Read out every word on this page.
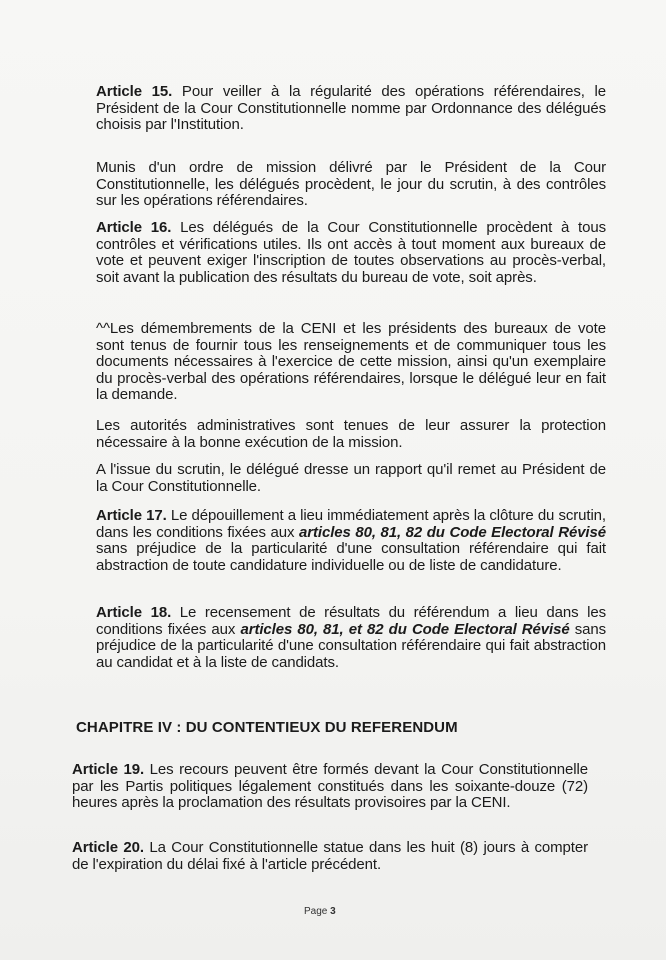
Article 15. Pour veiller à la régularité des opérations référendaires, le Président de la Cour Constitutionnelle nomme par Ordonnance des délégués choisis par l'Institution.

Munis d'un ordre de mission délivré par le Président de la Cour Constitutionnelle, les délégués procèdent, le jour du scrutin, à des contrôles sur les opérations référendaires.

Article 16. Les délégués de la Cour Constitutionnelle procèdent à tous contrôles et vérifications utiles. Ils ont accès à tout moment aux bureaux de vote et peuvent exiger l'inscription de toutes observations au procès-verbal, soit avant la publication des résultats du bureau de vote, soit après.

^^Les démembrements de la CENI et les présidents des bureaux de vote sont tenus de fournir tous les renseignements et de communiquer tous les documents nécessaires à l'exercice de cette mission, ainsi qu'un exemplaire du procès-verbal des opérations référendaires, lorsque le délégué leur en fait la demande.

Les autorités administratives sont tenues de leur assurer la protection nécessaire à la bonne exécution de la mission.

A l'issue du scrutin, le délégué dresse un rapport qu'il remet au Président de la Cour Constitutionnelle.

Article 17. Le dépouillement a lieu immédiatement après la clôture du scrutin, dans les conditions fixées aux articles 80, 81, 82 du Code Electoral Révisé sans préjudice de la particularité d'une consultation référendaire qui fait abstraction de toute candidature individuelle ou de liste de candidature.

Article 18. Le recensement de résultats du référendum a lieu dans les conditions fixées aux articles 80, 81, et 82 du Code Electoral Révisé sans préjudice de la particularité d'une consultation référendaire qui fait abstraction au candidat et à la liste de candidats.

CHAPITRE IV : DU CONTENTIEUX DU REFERENDUM

Article 19. Les recours peuvent être formés devant la Cour Constitutionnelle par les Partis politiques légalement constitués dans les soixante-douze (72) heures après la proclamation des résultats provisoires par la CENI.

Article 20. La Cour Constitutionnelle statue dans les huit (8) jours à compter de l'expiration du délai fixé à l'article précédent.

Page 3
